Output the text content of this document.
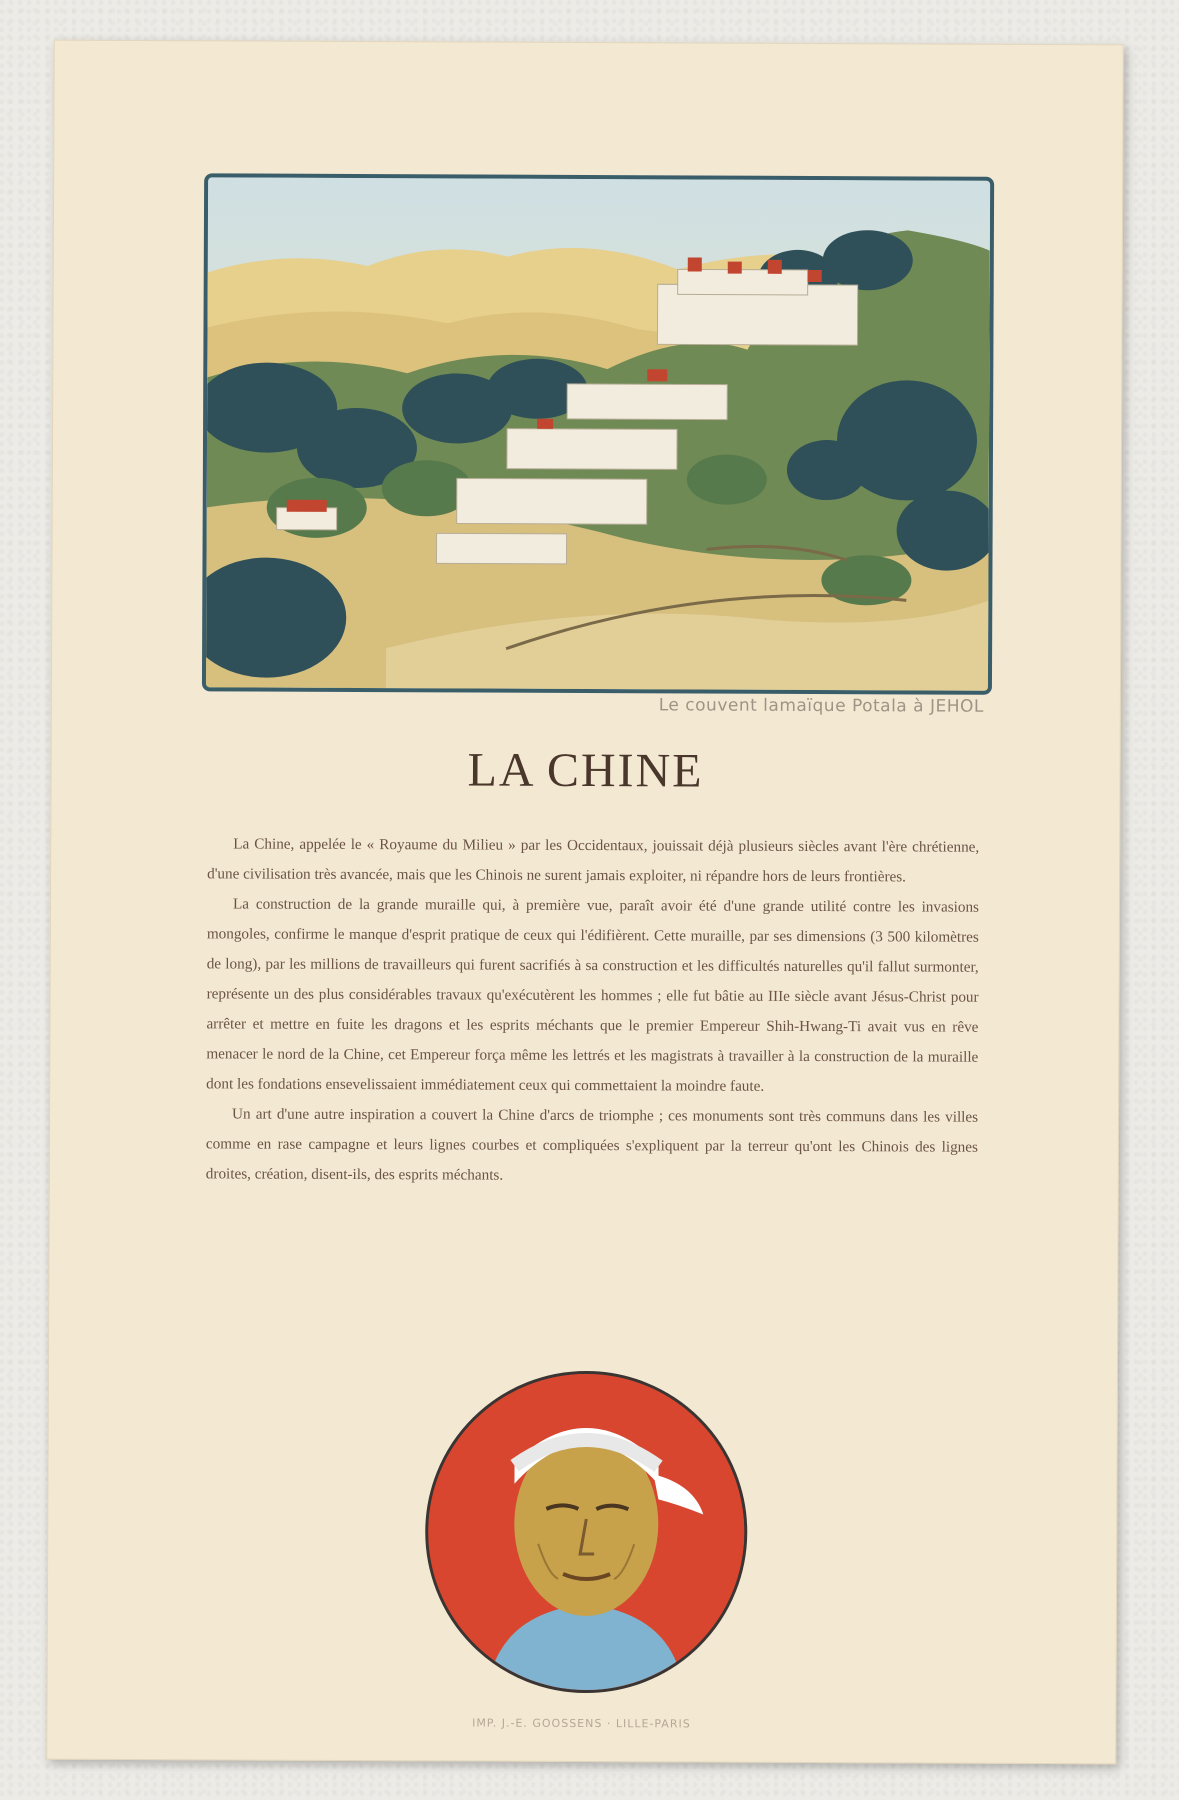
Le couvent lamaïque Potala à JEHOL
LA CHINE

La Chine, appelée le « Royaume du Milieu » par les Occidentaux, jouissait déjà plusieurs siècles avant l'ère chrétienne, d'une civilisation très avancée, mais que les Chinois ne surent jamais exploiter, ni répandre hors de leurs frontières.

La construction de la grande muraille qui, à première vue, paraît avoir été d'une grande utilité contre les invasions mongoles, confirme le manque d'esprit pratique de ceux qui l'édifièrent. Cette muraille, par ses dimensions (3 500 kilomètres de long), par les millions de travailleurs qui furent sacrifiés à sa construction et les difficultés naturelles qu'il fallut surmonter, représente un des plus considérables travaux qu'exécutèrent les hommes ; elle fut bâtie au IIIe siècle avant Jésus-Christ pour arrêter et mettre en fuite les dragons et les esprits méchants que le premier Empereur Shih-Hwang-Ti avait vus en rêve menacer le nord de la Chine, cet Empereur força même les lettrés et les magistrats à travailler à la construction de la muraille dont les fondations ensevelissaient immédiatement ceux qui commettaient la moindre faute.

Un art d'une autre inspiration a couvert la Chine d'arcs de triomphe ; ces monuments sont très communs dans les villes comme en rase campagne et leurs lignes courbes et compliquées s'expliquent par la terreur qu'ont les Chinois des lignes droites, création, disent-ils, des esprits méchants.

IMP. J.-E. GOOSSENS · LILLE-PARIS
